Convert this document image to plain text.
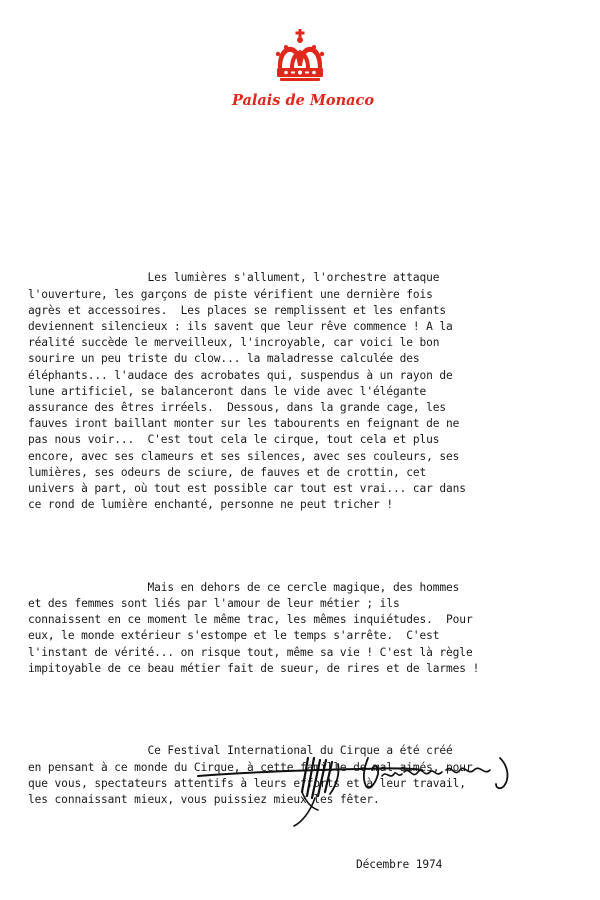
Palais de Monaco

Les lumières s'allument, l'orchestre attaque
l'ouverture, les garçons de piste vérifient une dernière fois
agrès et accessoires.  Les places se remplissent et les enfants
deviennent silencieux : ils savent que leur rêve commence ! A la
réalité succède le merveilleux, l'incroyable, car voici le bon
sourire un peu triste du clow... la maladresse calculée des
éléphants... l'audace des acrobates qui, suspendus à un rayon de
lune artificiel, se balanceront dans le vide avec l'élégante
assurance des êtres irréels.  Dessous, dans la grande cage, les
fauves iront baillant monter sur les tabourents en feignant de ne
pas nous voir...  C'est tout cela le cirque, tout cela et plus
encore, avec ses clameurs et ses silences, avec ses couleurs, ses
lumières, ses odeurs de sciure, de fauves et de crottin, cet
univers à part, où tout est possible car tout est vrai... car dans
ce rond de lumière enchanté, personne ne peut tricher !

Mais en dehors de ce cercle magique, des hommes
et des femmes sont liés par l'amour de leur métier ; ils
connaissent en ce moment le même trac, les mêmes inquiétudes.  Pour
eux, le monde extérieur s'estompe et le temps s'arrête.  C'est
l'instant de vérité... on risque tout, même sa vie ! C'est là règle
impitoyable de ce beau métier fait de sueur, de rires et de larmes !

Ce Festival International du Cirque a été créé
en pensant à ce monde du Cirque, à cette famille de mal aimés, pour
que vous, spectateurs attentifs à leurs efforts et à leur travail,
les connaissant mieux, vous puissiez mieux les fêter.

Décembre 1974
